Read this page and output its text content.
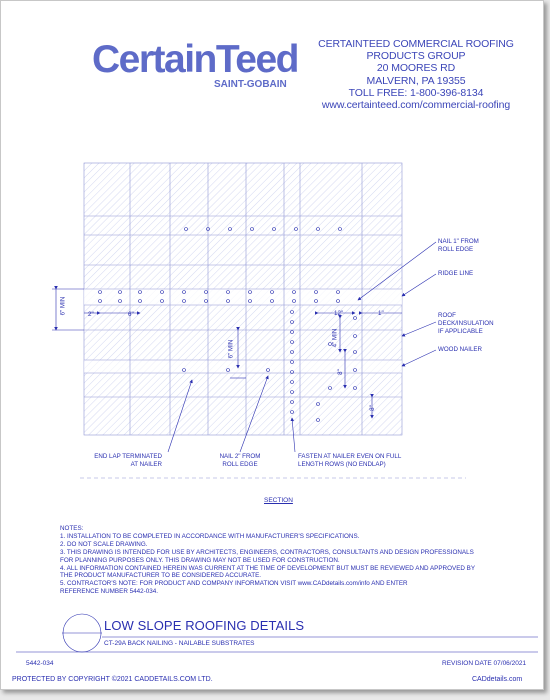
CertainTeed
SAINT-GOBAIN
CERTAINTEED COMMERCIAL ROOFING
PRODUCTS GROUP
20 MOORES RD
MALVERN, PA 19355
TOLL FREE: 1-800-396-8134
www.certainteed.com/commercial-roofing
6" MIN	2"	6"
6" MIN
12"	1"
4" MIN
8"
8"
NAIL 1" FROM
ROLL EDGE
RIDGE LINE
ROOF
DECK/INSULATION
IF APPLICABLE
WOOD NAILER
END LAP TERMINATED
AT NAILER
NAIL 2" FROM
ROLL EDGE
FASTEN AT NAILER EVEN ON FULL
LENGTH ROWS (NO ENDLAP)
SECTION
NOTES:
1. INSTALLATION TO BE COMPLETED IN ACCORDANCE WITH MANUFACTURER'S SPECIFICATIONS.
2. DO NOT SCALE DRAWING.
3. THIS DRAWING IS INTENDED FOR USE BY ARCHITECTS, ENGINEERS, CONTRACTORS, CONSULTANTS AND DESIGN PROFESSIONALS
FOR PLANNING PURPOSES ONLY. THIS DRAWING MAY NOT BE USED FOR CONSTRUCTION.
4. ALL INFORMATION CONTAINED HEREIN WAS CURRENT AT THE TIME OF DEVELOPMENT BUT MUST BE REVIEWED AND APPROVED BY
THE PRODUCT MANUFACTURER TO BE CONSIDERED ACCURATE.
5. CONTRACTOR'S NOTE: FOR PRODUCT AND COMPANY INFORMATION VISIT www.CADdetails.com/info AND ENTER
REFERENCE NUMBER 5442-034.
LOW SLOPE ROOFING DETAILS
CT-29A BACK NAILING - NAILABLE SUBSTRATES
5442-034	REVISION DATE 07/06/2021
PROTECTED BY COPYRIGHT ©2021 CADDETAILS.COM LTD.	CADdetails.com
